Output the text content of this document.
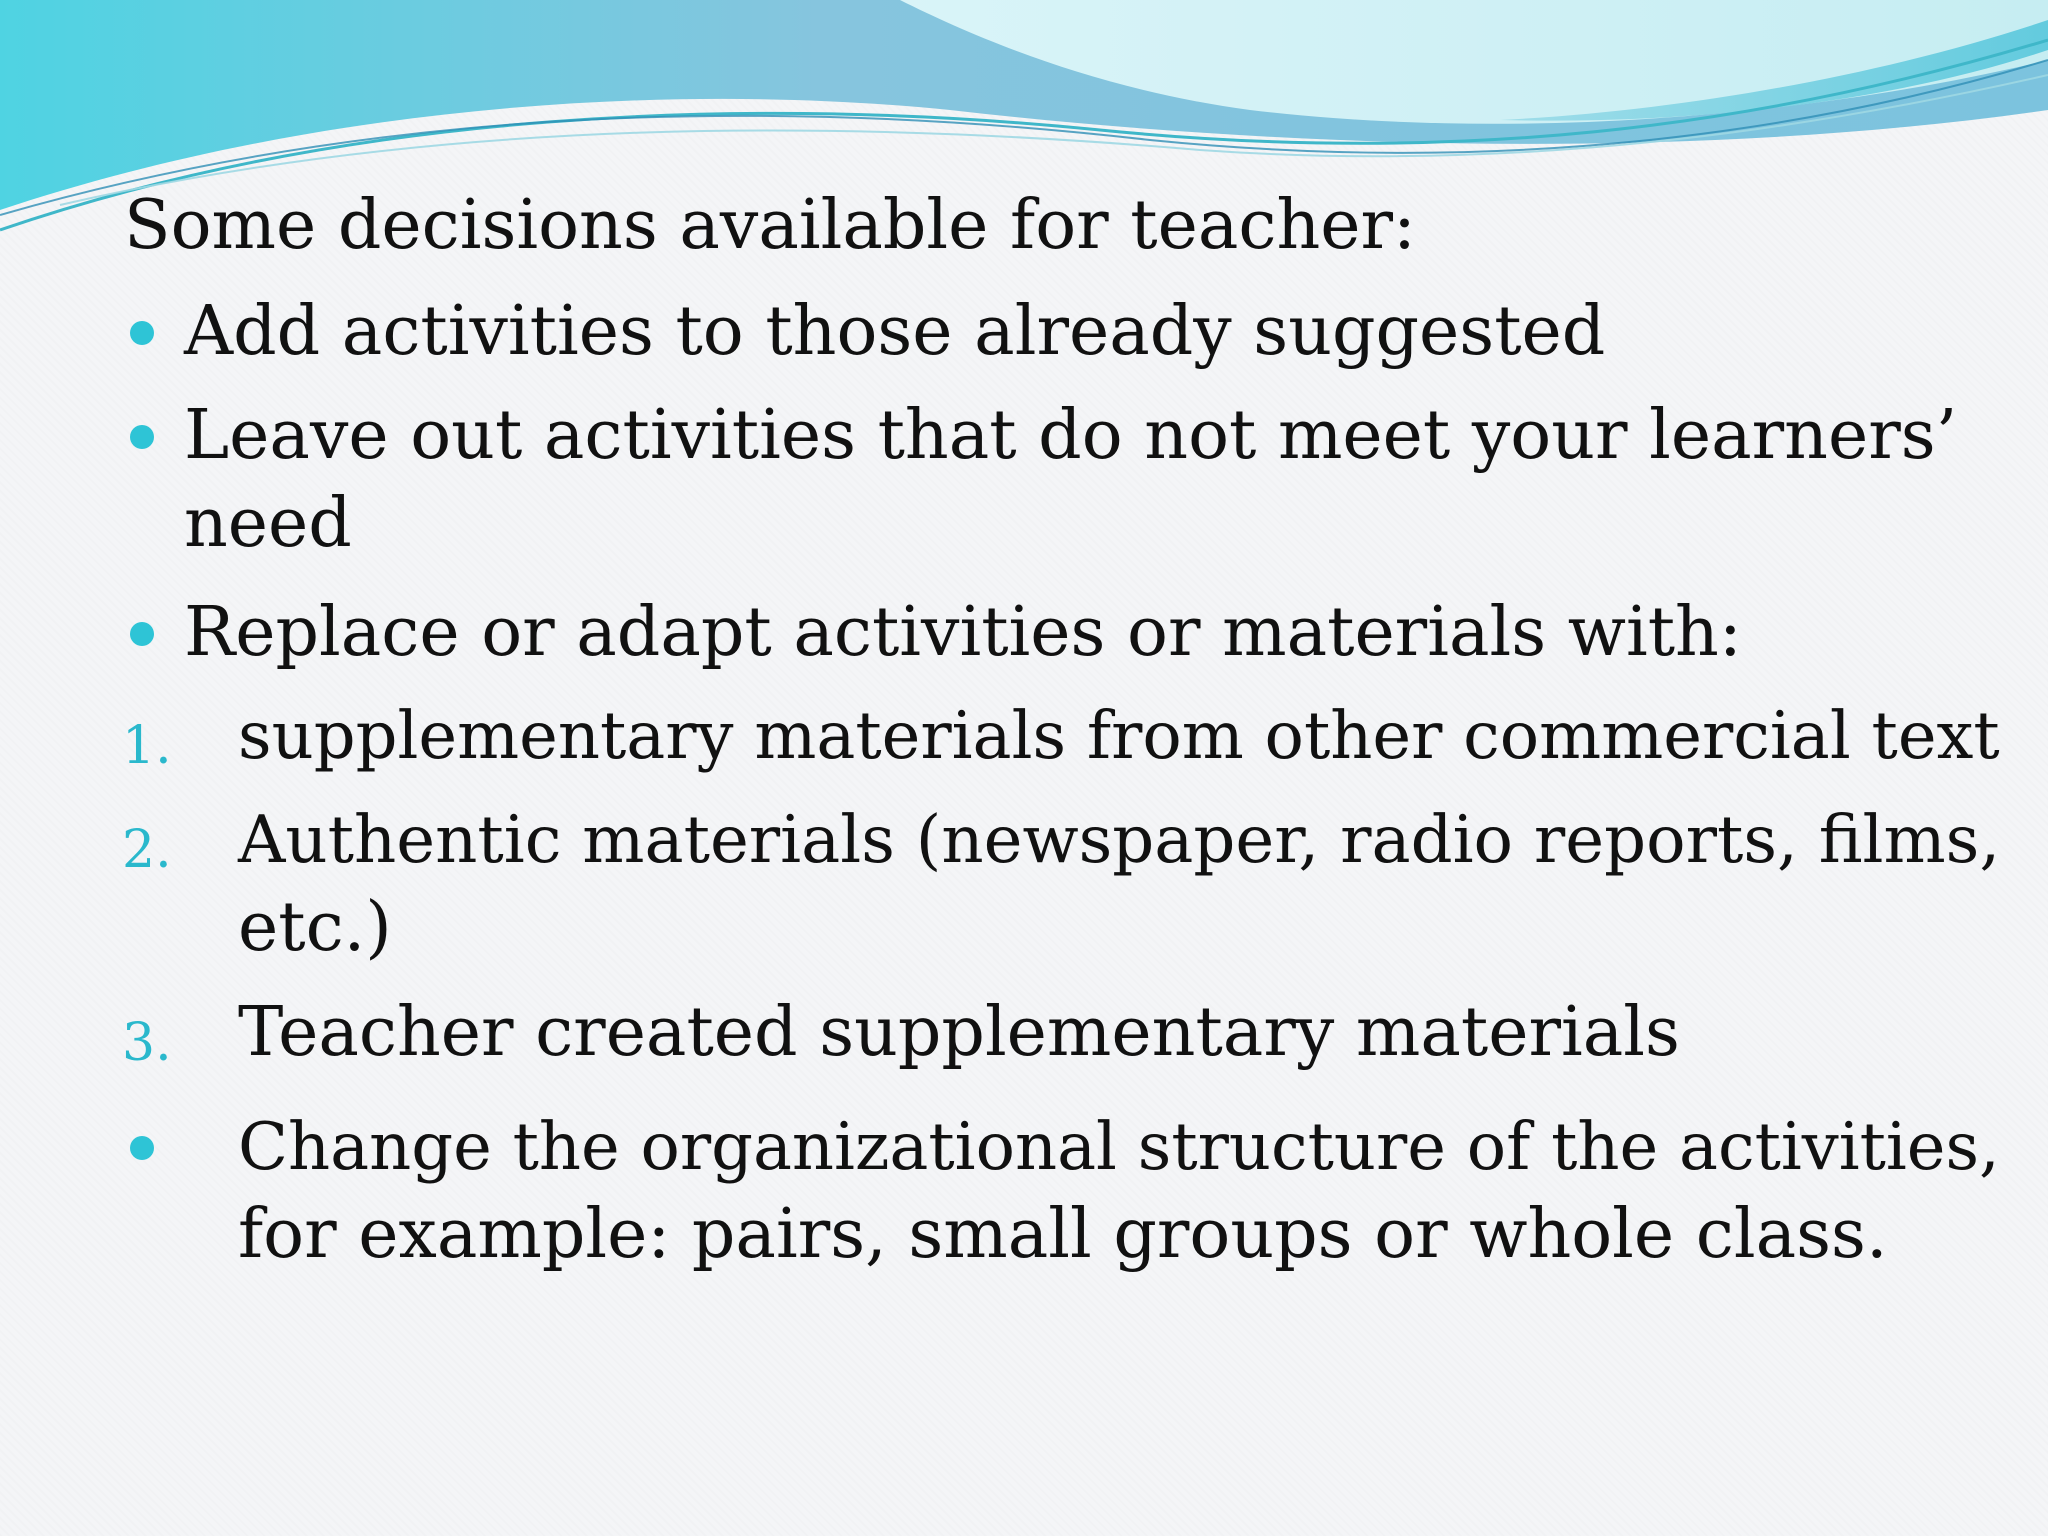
Some decisions available for teacher:
Add activities to those already suggested
Leave out activities that do not meet your learners’
need
Replace or adapt activities or materials with:
1. supplementary materials from other commercial text
2. Authentic materials (newspaper, radio reports, films,
etc.)
3. Teacher created supplementary materials
Change the organizational structure of the activities,
for example: pairs, small groups or whole class.
